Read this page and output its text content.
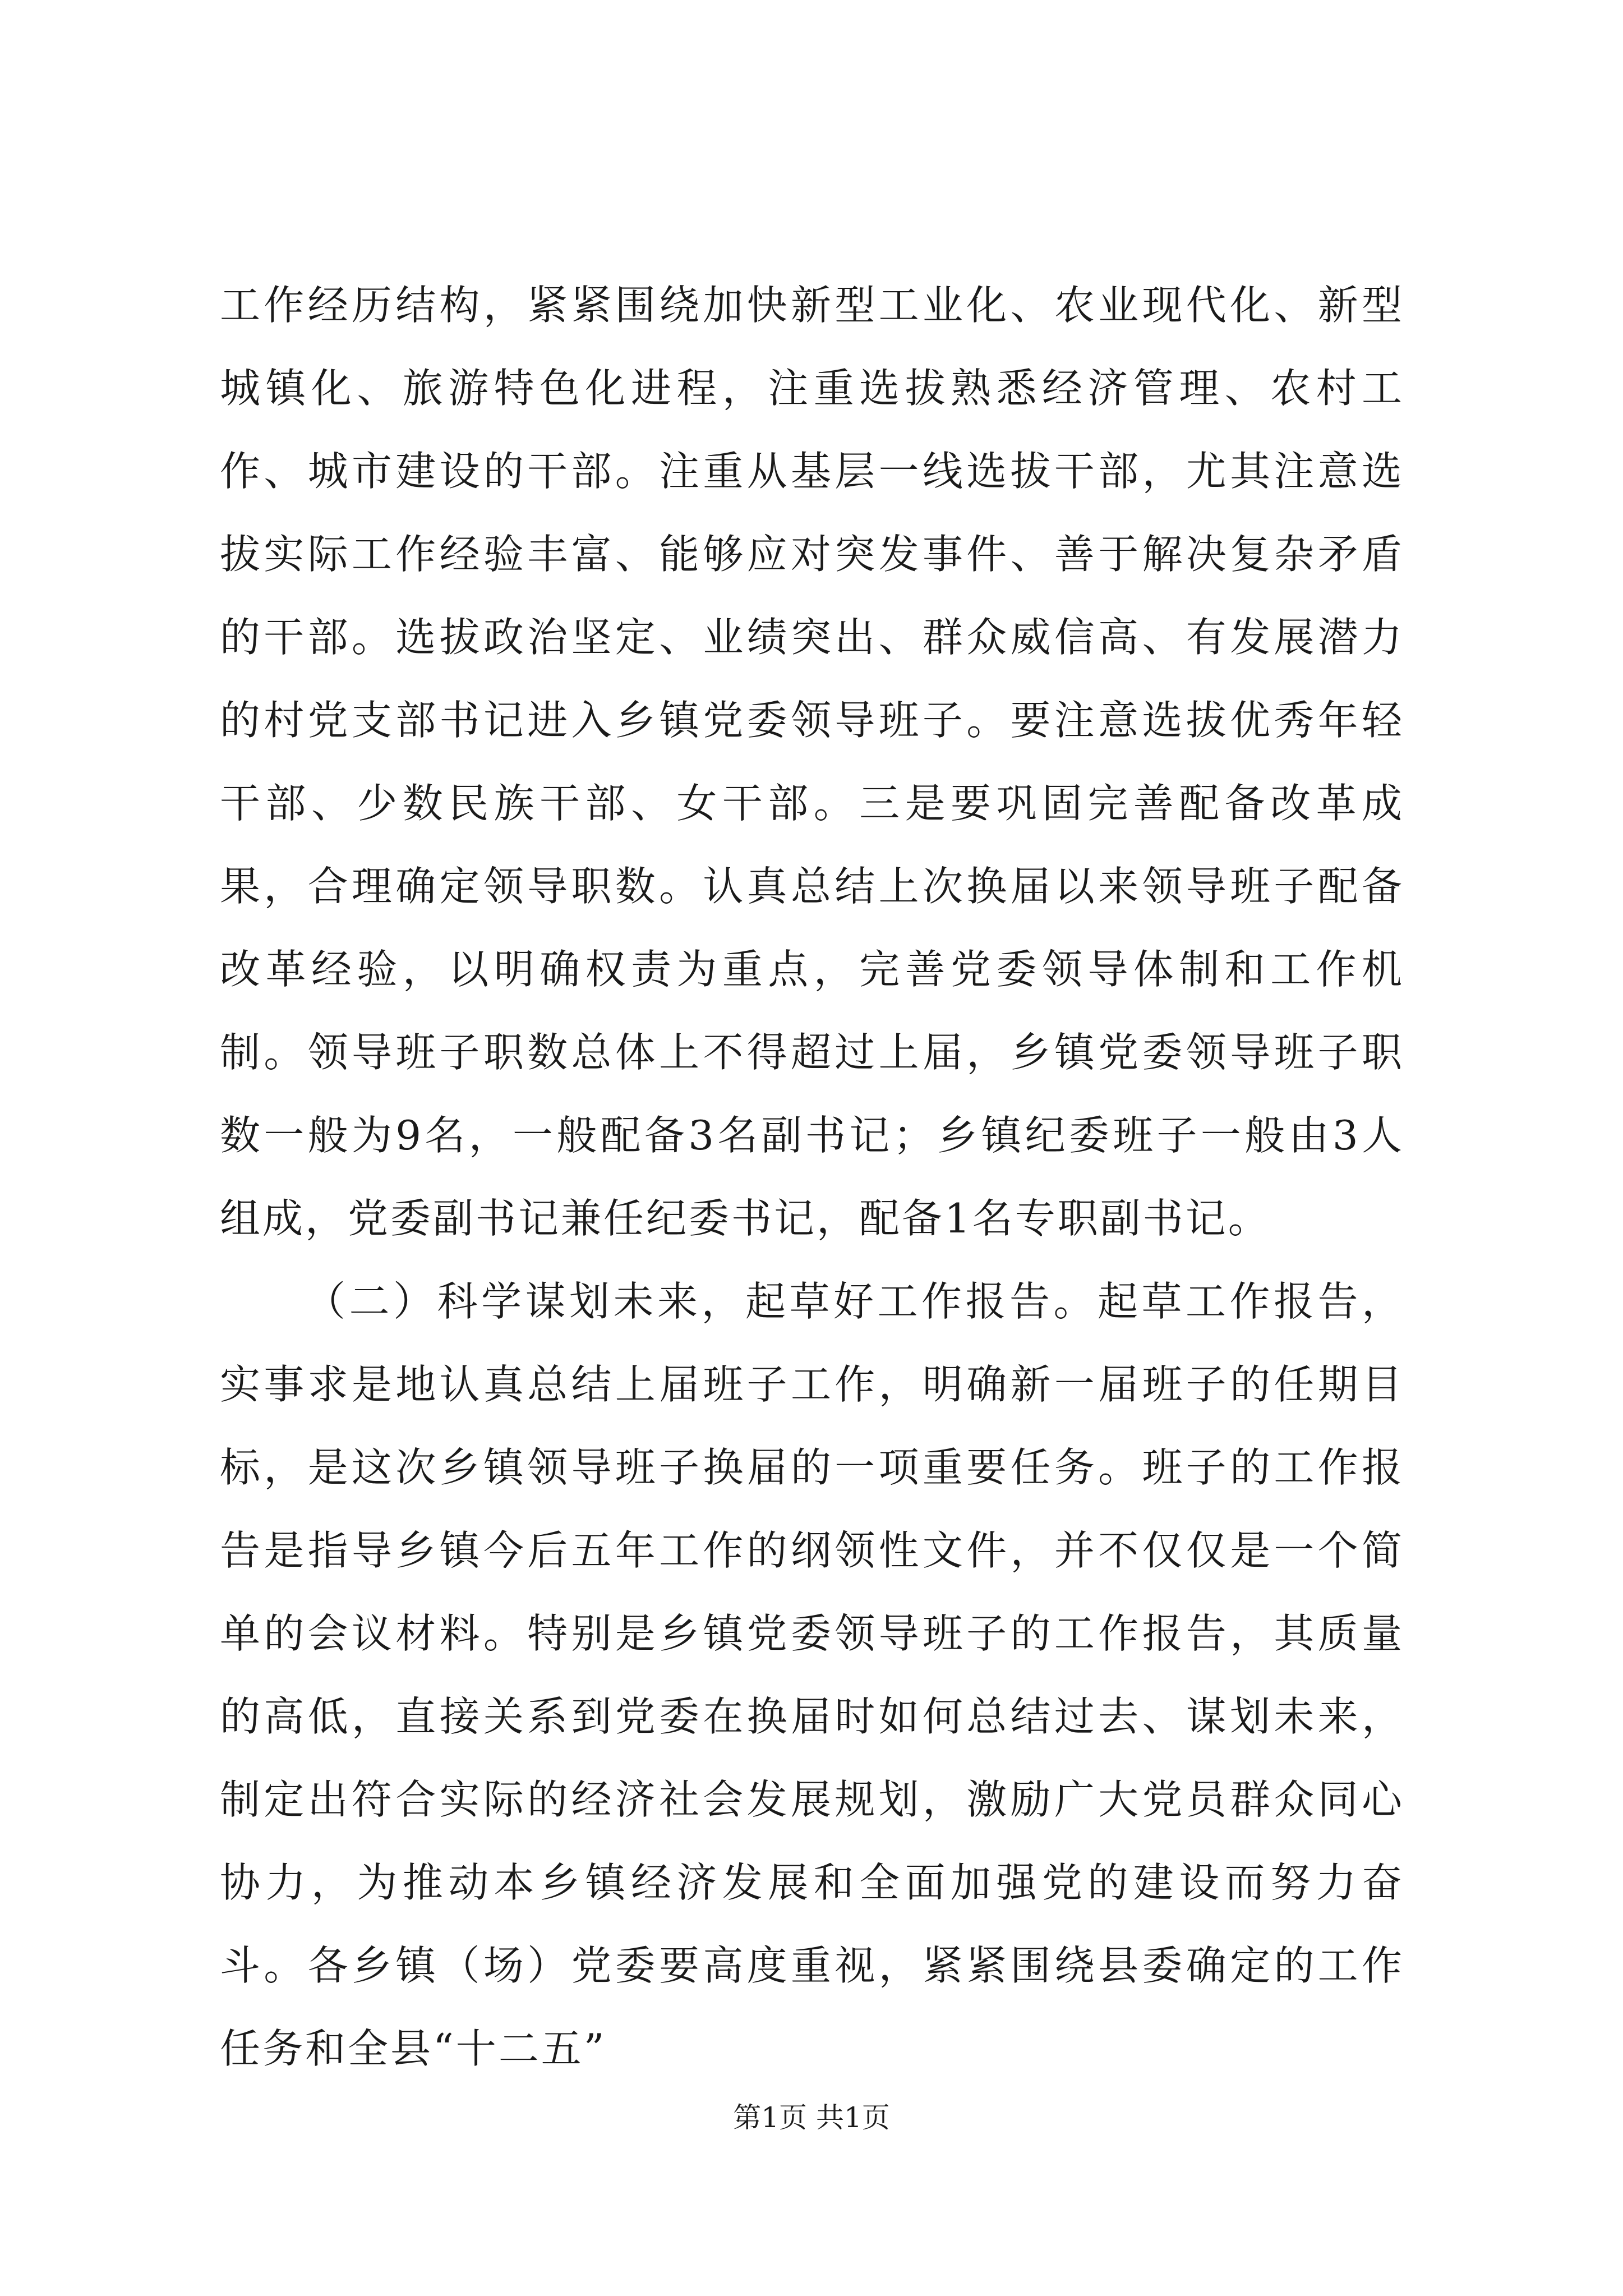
工作经历结构，紧紧围绕加快新型工业化、农业现代化、新型城镇化、旅游特色化进程，注重选拔熟悉经济管理、农村工作、城市建设的干部。注重从基层一线选拔干部，尤其注意选拔实际工作经验丰富、能够应对突发事件、善于解决复杂矛盾的干部。选拔政治坚定、业绩突出、群众威信高、有发展潜力的村党支部书记进入乡镇党委领导班子。要注意选拔优秀年轻干部、少数民族干部、女干部。三是要巩固完善配备改革成果，合理确定领导职数。认真总结上次换届以来领导班子配备改革经验，以明确权责为重点，完善党委领导体制和工作机制。领导班子职数总体上不得超过上届，乡镇党委领导班子职数一般为9名，一般配备3名副书记；乡镇纪委班子一般由3人组成，党委副书记兼任纪委书记，配备1名专职副书记。

（二）科学谋划未来，起草好工作报告。起草工作报告，实事求是地认真总结上届班子工作，明确新一届班子的任期目标，是这次乡镇领导班子换届的一项重要任务。班子的工作报告是指导乡镇今后五年工作的纲领性文件，并不仅仅是一个简单的会议材料。特别是乡镇党委领导班子的工作报告，其质量的高低，直接关系到党委在换届时如何总结过去、谋划未来，制定出符合实际的经济社会发展规划，激励广大党员群众同心协力，为推动本乡镇经济发展和全面加强党的建设而努力奋斗。各乡镇（场）党委要高度重视，紧紧围绕县委确定的工作任务和全县“十二五”

第1页 共1页
